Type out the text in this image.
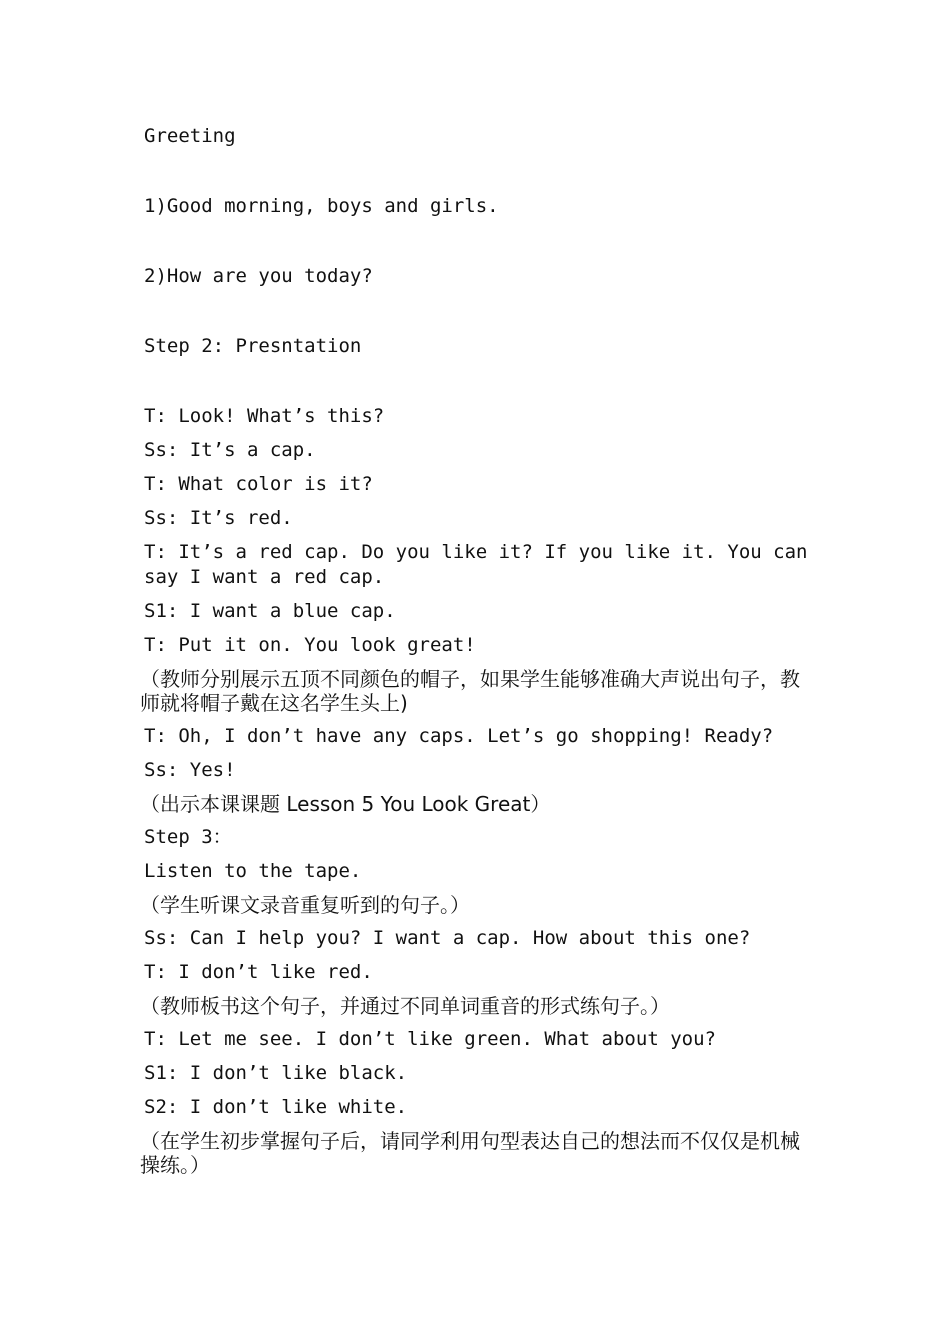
Greeting

1)Good morning, boys and girls.

2)How are you today?

Step 2: Presntation

T: Look! What’s this?

Ss: It’s a cap.

T: What color is it?

Ss: It’s red.

T: It’s a red cap. Do you like it? If you like it. You can say I want a red cap.

S1: I want a blue cap.

T: Put it on. You look great!

（教师分别展示五顶不同颜色的帽子，如果学生能够准确大声说出句子，教师就将帽子戴在这名学生头上)

T: Oh, I don’t have any caps. Let’s go shopping! Ready?

Ss: Yes!

（出示本课课题 Lesson 5 You Look Great）

Step 3：

Listen to the tape.

（学生听课文录音重复听到的句子。）

Ss: Can I help you? I want a cap. How about this one?

T: I don’t like red.

（教师板书这个句子，并通过不同单词重音的形式练句子。）

T: Let me see. I don’t like green. What about you?

S1: I don’t like black.

S2: I don’t like white.

（在学生初步掌握句子后，请同学利用句型表达自己的想法而不仅仅是机械操练。）
